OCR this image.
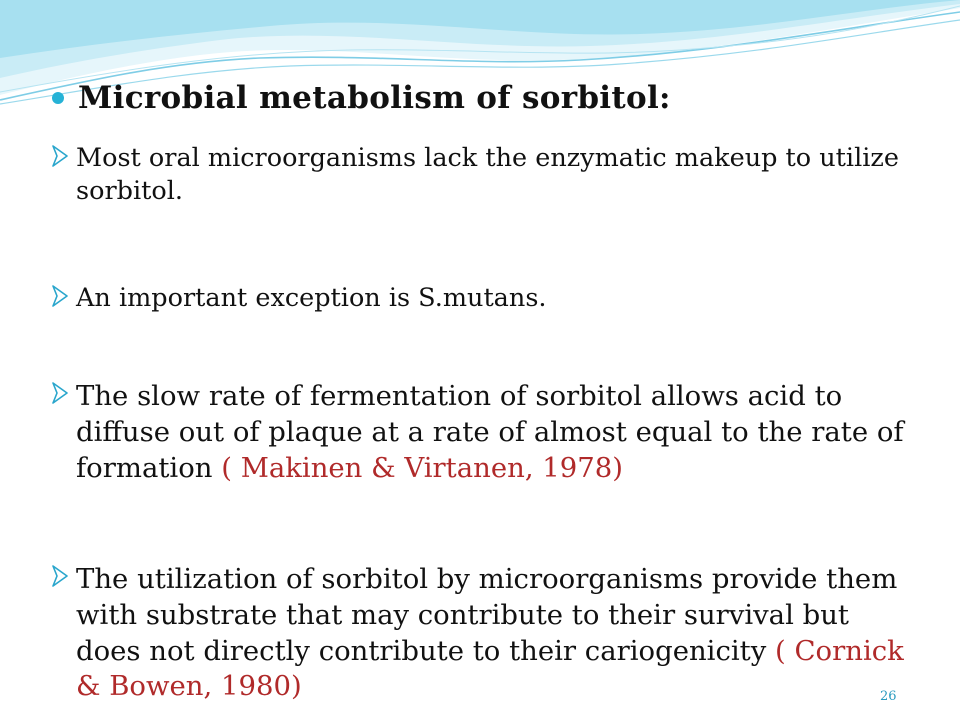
Microbial metabolism of sorbitol:
Most oral microorganisms lack the enzymatic makeup to utilize sorbitol.
An important exception is S.mutans.
The slow rate of fermentation of sorbitol allows acid to diffuse out of plaque at a rate of almost equal to the rate of formation ( Makinen & Virtanen, 1978)
The utilization of sorbitol by microorganisms provide them with substrate that may contribute to their survival but does not directly contribute to their cariogenicity ( Cornick & Bowen, 1980)	26
